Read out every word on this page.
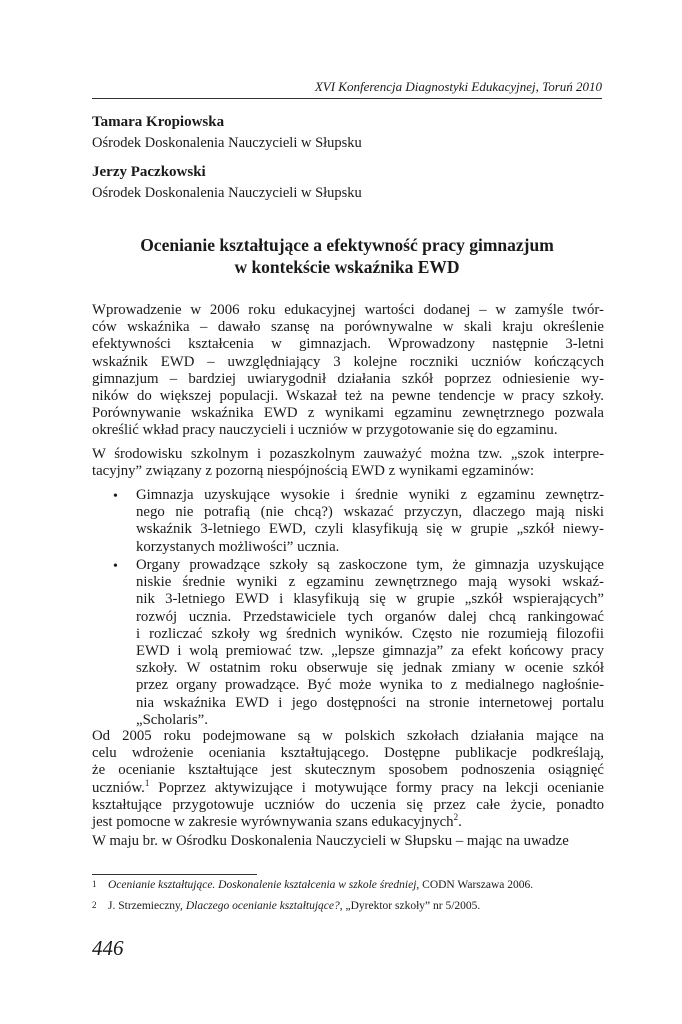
XVI Konferencja Diagnostyki Edukacyjnej, Toruń 2010
Tamara Kropiowska
Ośrodek Doskonalenia Nauczycieli w Słupsku
Jerzy Paczkowski
Ośrodek Doskonalenia Nauczycieli w Słupsku
Ocenianie kształtujące a efektywność pracy gimnazjum
w kontekście wskaźnika EWD
Wprowadzenie w 2006 roku edukacyjnej wartości dodanej – w zamyśle twór-
ców wskaźnika – dawało szansę na porównywalne w skali kraju określenie
efektywności kształcenia w gimnazjach. Wprowadzony następnie 3-letni
wskaźnik EWD – uwzględniający 3 kolejne roczniki uczniów kończących
gimnazjum – bardziej uwiarygodnił działania szkół poprzez odniesienie wy-
ników do większej populacji. Wskazał też na pewne tendencje w pracy szkoły.
Porównywanie wskaźnika EWD z wynikami egzaminu zewnętrznego pozwala
określić wkład pracy nauczycieli i uczniów w przygotowanie się do egzaminu.
W środowisku szkolnym i pozaszkolnym zauważyć można tzw. „szok interpre-
tacyjny” związany z pozorną niespójnością EWD z wynikami egzaminów:
• Gimnazja uzyskujące wysokie i średnie wyniki z egzaminu zewnętrz-
nego nie potrafią (nie chcą?) wskazać przyczyn, dlaczego mają niski
wskaźnik 3-letniego EWD, czyli klasyfikują się w grupie „szkół niewy-
korzystanych możliwości” ucznia.
• Organy prowadzące szkoły są zaskoczone tym, że gimnazja uzyskujące
niskie średnie wyniki z egzaminu zewnętrznego mają wysoki wskaź-
nik 3-letniego EWD i klasyfikują się w grupie „szkół wspierających”
rozwój ucznia. Przedstawiciele tych organów dalej chcą rankingować
i rozliczać szkoły wg średnich wyników. Często nie rozumieją filozofii
EWD i wolą premiować tzw. „lepsze gimnazja” za efekt końcowy pracy
szkoły. W ostatnim roku obserwuje się jednak zmiany w ocenie szkół
przez organy prowadzące. Być może wynika to z medialnego nagłośnie-
nia wskaźnika EWD i jego dostępności na stronie internetowej portalu
„Scholaris”.
Od 2005 roku podejmowane są w polskich szkołach działania mające na
celu wdrożenie oceniania kształtującego. Dostępne publikacje podkreślają,
że ocenianie kształtujące jest skutecznym sposobem podnoszenia osiągnięć
uczniów.$^1$ Poprzez aktywizujące i motywujące formy pracy na lekcji ocenianie
kształtujące przygotowuje uczniów do uczenia się przez całe życie, ponadto
jest pomocne w zakresie wyrównywania szans edukacyjnych$^2$.
W maju br. w Ośrodku Doskonalenia Nauczycieli w Słupsku – mając na uwadze
1 Ocenianie kształtujące. Doskonalenie kształcenia w szkole średniej, CODN Warszawa 2006.
2 J. Strzemieczny, Dlaczego ocenianie kształtujące?, „Dyrektor szkoły” nr 5/2005.
446
